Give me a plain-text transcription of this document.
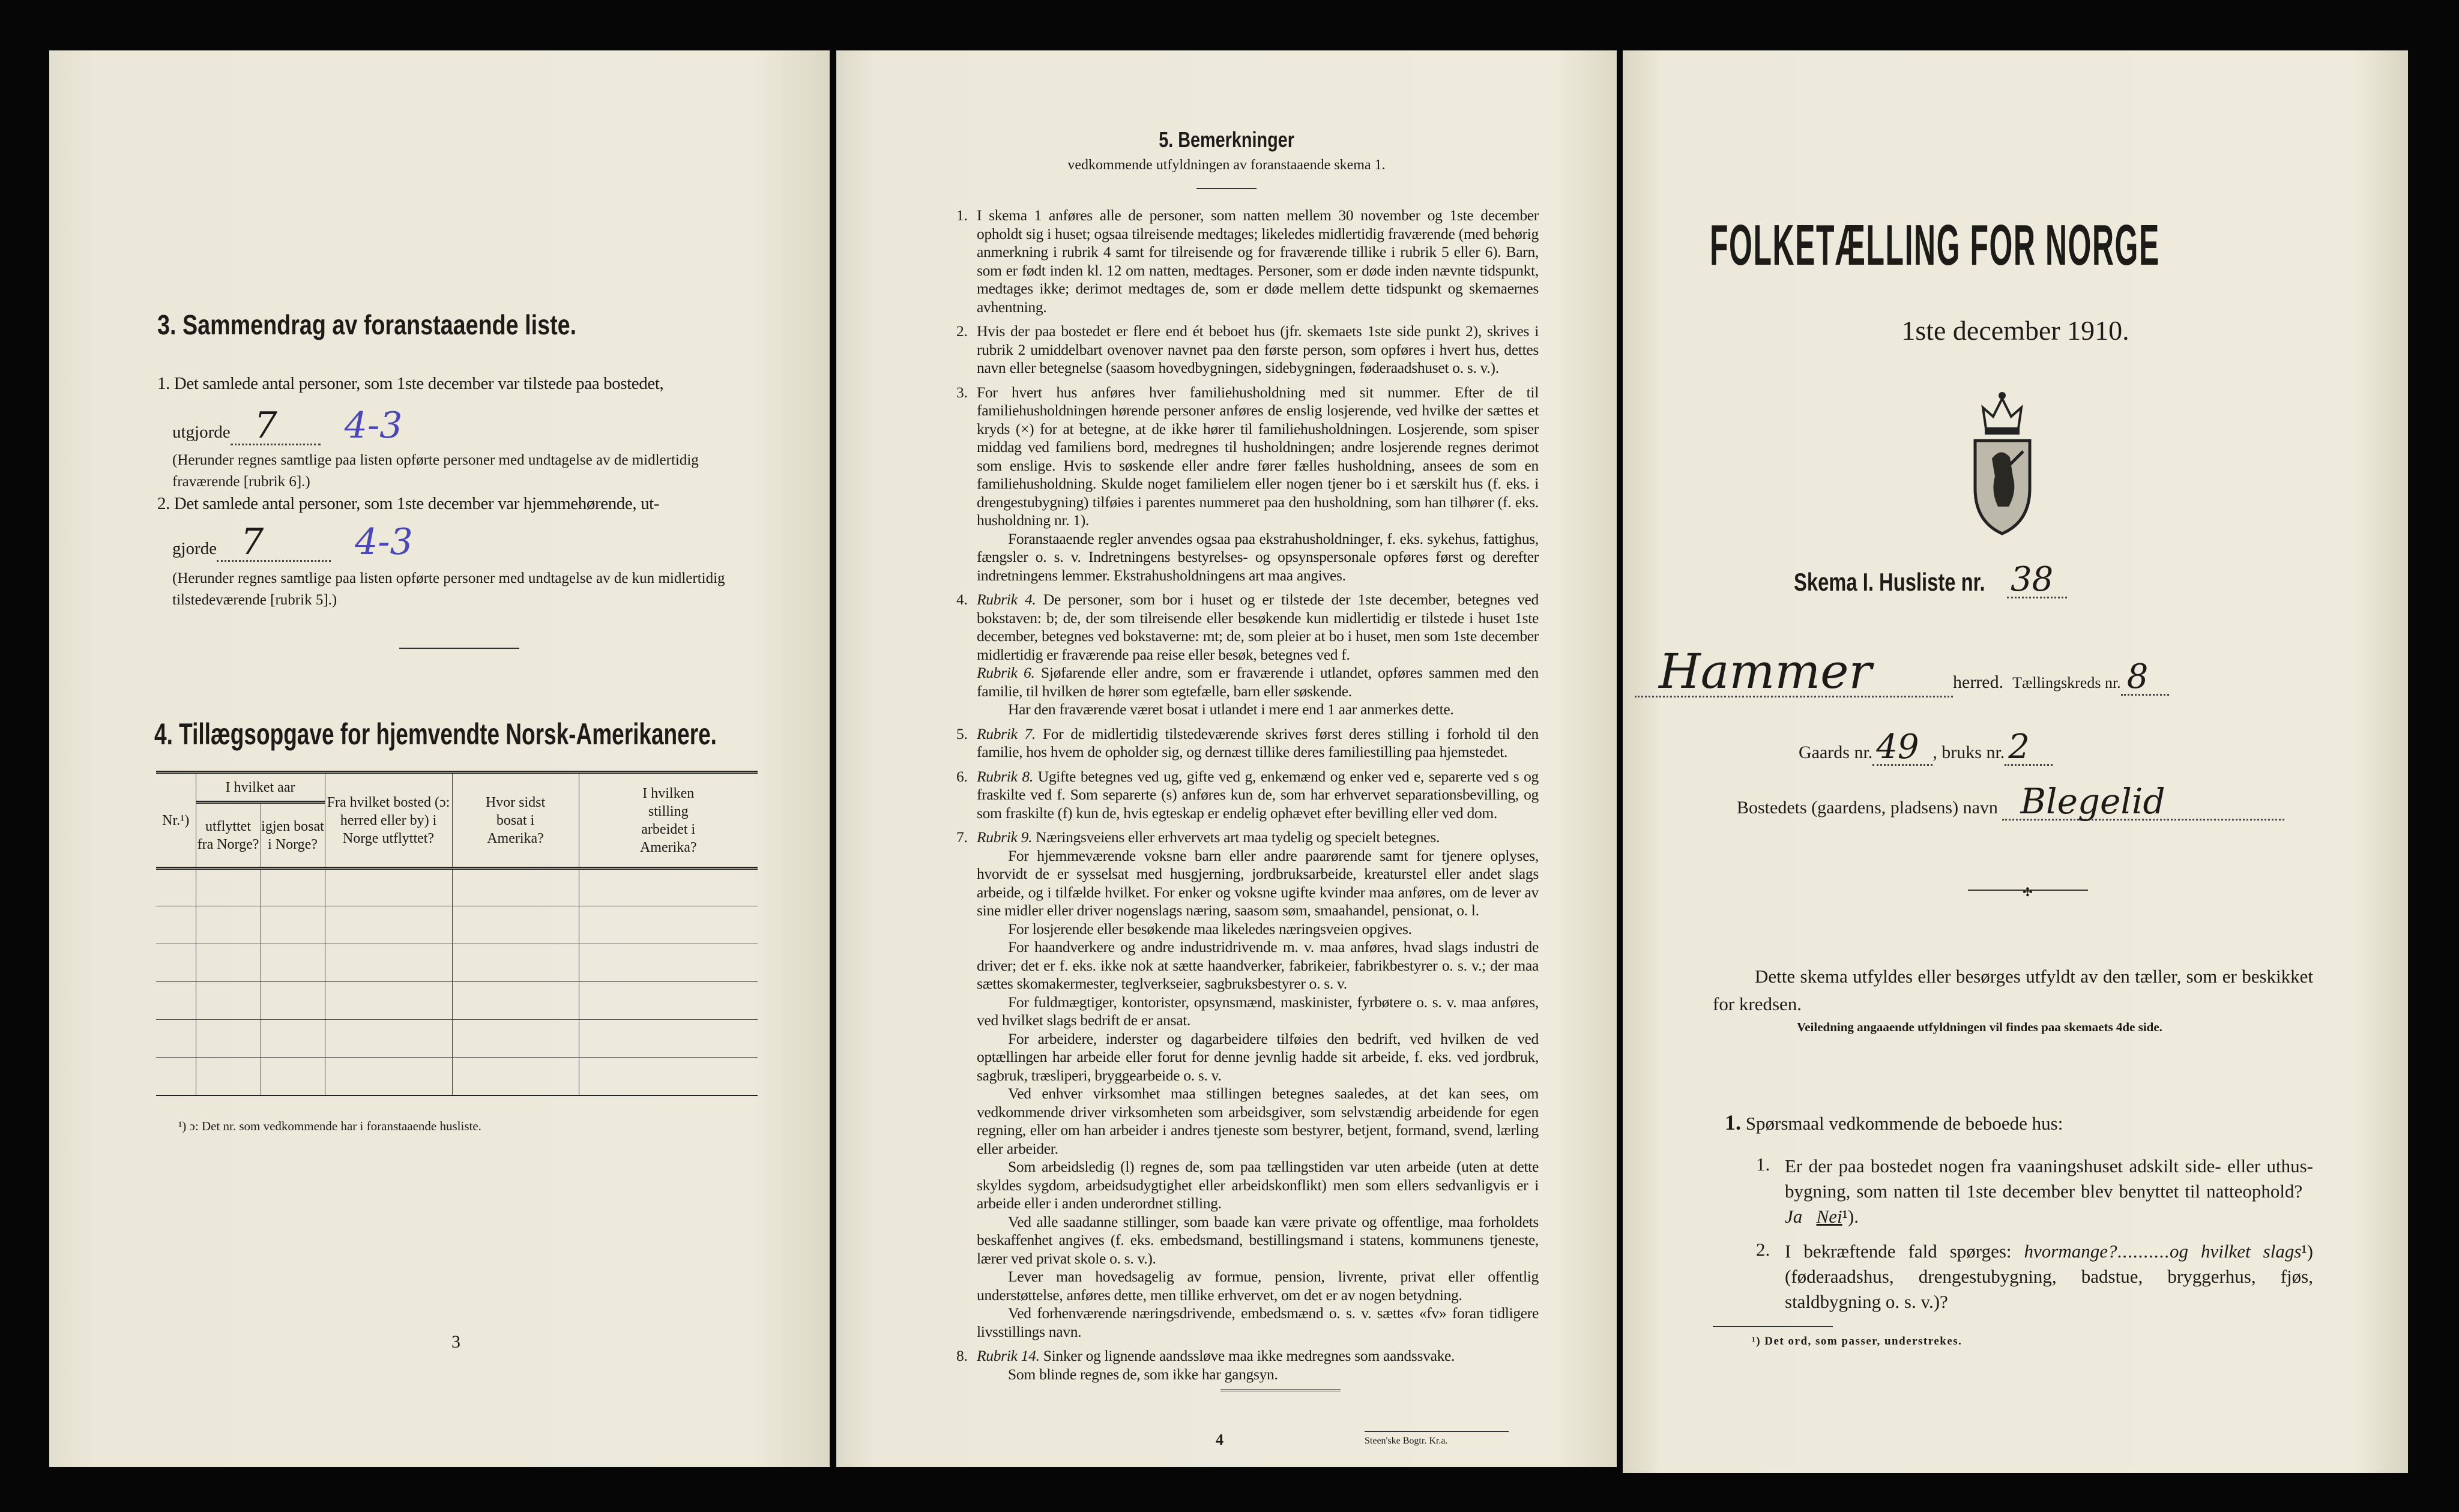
3. Sammendrag av foranstaaende liste.
1. Det samlede antal personer, som 1ste december var tilstede paa bostedet,
utgjorde 7 4-3
(Herunder regnes samtlige paa listen opførte personer med undtagelse av de midlertidig fraværende [rubrik 6].)
2. Det samlede antal personer, som 1ste december var hjemmehørende, ut-
gjorde 7	4-3
(Herunder regnes samtlige paa listen opførte personer med undtagelse av de kun midlertidig tilstedeværende [rubrik 5].)
4. Tillægsopgave for hjemvendte Norsk-Amerikanere.
Nr.¹)	I hvilket aar		Fra hvilket bosted (ɔ: herred eller by) i Norge utflyttet?	Hvor sidst bosat i Amerika?	I hvilken stilling arbeidet i Amerika?
	utflyttet fra Norge?	igjen bosat i Norge?			

¹) ɔ: Det nr. som vedkommende har i foranstaaende husliste.
3
5. Bemerkninger
vedkommende utfyldningen av foranstaaende skema 1.
1. I skema 1 anføres alle de personer, som natten mellem 30 november og 1ste december opholdt sig i huset; ogsaa tilreisende medtages; likeledes midlertidig fraværende (med behørig anmerkning i rubrik 4 samt for tilreisende og for fraværende tillike i rubrik 5 eller 6). Barn, som er født inden kl. 12 om natten, medtages. Personer, som er døde inden nævnte tidspunkt, medtages ikke; derimot medtages de, som er døde mellem dette tidspunkt og skemaernes avhentning.

2. Hvis der paa bostedet er flere end ét beboet hus (jfr. skemaets 1ste side punkt 2), skrives i rubrik 2 umiddelbart ovenover navnet paa den første person, som opføres i hvert hus, dettes navn eller betegnelse (saasom hovedbygningen, sidebygningen, føderaadshuset o. s. v.).

3. For hvert hus anføres hver familiehusholdning med sit nummer. Efter de til familiehusholdningen hørende personer anføres de enslig losjerende, ved hvilke der sættes et kryds (×) for at betegne, at de ikke hører til familiehusholdningen. Losjerende, som spiser middag ved familiens bord, medregnes til husholdningen; andre losjerende regnes derimot som enslige. Hvis to søskende eller andre fører fælles husholdning, ansees de som en familiehusholdning. Skulde noget familielem eller nogen tjener bo i et særskilt hus (f. eks. i drengestubygning) tilføies i parentes nummeret paa den husholdning, som han tilhører (f. eks. husholdning nr. 1).

Foranstaaende regler anvendes ogsaa paa ekstrahusholdninger, f. eks. sykehus, fattighus, fængsler o. s. v. Indretningens bestyrelses- og opsynspersonale opføres først og derefter indretningens lemmer. Ekstrahusholdningens art maa angives.

4. Rubrik 4. De personer, som bor i huset og er tilstede der 1ste december, betegnes ved bokstaven: b; de, der som tilreisende eller besøkende kun midlertidig er tilstede i huset 1ste december, betegnes ved bokstaverne: mt; de, som pleier at bo i huset, men som 1ste december midlertidig er fraværende paa reise eller besøk, betegnes ved f.

Rubrik 6. Sjøfarende eller andre, som er fraværende i utlandet, opføres sammen med den familie, til hvilken de hører som egtefælle, barn eller søskende.

Har den fraværende været bosat i utlandet i mere end 1 aar anmerkes dette.

5. Rubrik 7. For de midlertidig tilstedeværende skrives først deres stilling i forhold til den familie, hos hvem de opholder sig, og dernæst tillike deres familiestilling paa hjemstedet.

6. Rubrik 8. Ugifte betegnes ved ug, gifte ved g, enkemænd og enker ved e, separerte ved s og fraskilte ved f. Som separerte (s) anføres kun de, som har erhvervet separationsbevilling, og som fraskilte (f) kun de, hvis egteskap er endelig ophævet efter bevilling eller ved dom.

7. Rubrik 9. Næringsveiens eller erhvervets art maa tydelig og specielt betegnes.

For hjemmeværende voksne barn eller andre paarørende samt for tjenere oplyses, hvorvidt de er sysselsat med husgjerning, jordbruksarbeide, kreaturstel eller andet slags arbeide, og i tilfælde hvilket. For enker og voksne ugifte kvinder maa anføres, om de lever av sine midler eller driver nogenslags næring, saasom søm, smaahandel, pensionat, o. l.

For losjerende eller besøkende maa likeledes næringsveien opgives.

For haandverkere og andre industridrivende m. v. maa anføres, hvad slags industri de driver; det er f. eks. ikke nok at sætte haandverker, fabrikeier, fabrikbestyrer o. s. v.; der maa sættes skomakermester, teglverkseier, sagbruksbestyrer o. s. v.

For fuldmægtiger, kontorister, opsynsmænd, maskinister, fyrbøtere o. s. v. maa anføres, ved hvilket slags bedrift de er ansat.

For arbeidere, inderster og dagarbeidere tilføies den bedrift, ved hvilken de ved optællingen har arbeide eller forut for denne jevnlig hadde sit arbeide, f. eks. ved jordbruk, sagbruk, træsliperi, bryggearbeide o. s. v.

Ved enhver virksomhet maa stillingen betegnes saaledes, at det kan sees, om vedkommende driver virksomheten som arbeidsgiver, som selvstændig arbeidende for egen regning, eller om han arbeider i andres tjeneste som bestyrer, betjent, formand, svend, lærling eller arbeider.

Som arbeidsledig (l) regnes de, som paa tællingstiden var uten arbeide (uten at dette skyldes sygdom, arbeidsudygtighet eller arbeidskonflikt) men som ellers sedvanligvis er i arbeide eller i anden underordnet stilling.

Ved alle saadanne stillinger, som baade kan være private og offentlige, maa forholdets beskaffenhet angives (f. eks. embedsmand, bestillingsmand i statens, kommunens tjeneste, lærer ved privat skole o. s. v.).

Lever man hovedsagelig av formue, pension, livrente, privat eller offentlig understøttelse, anføres dette, men tillike erhvervet, om det er av nogen betydning.

Ved forhenværende næringsdrivende, embedsmænd o. s. v. sættes «fv» foran tidligere livsstillings navn.

8. Rubrik 14. Sinker og lignende aandssløve maa ikke medregnes som aandssvake.

Som blinde regnes de, som ikke har gangsyn.

4	Steen'ske Bogtr. Kr.a.
FOLKETÆLLING FOR NORGE
1ste december 1910.
Skema I. Husliste nr. 38
Hammer	herred. Tællingskreds nr. 8
Gaards nr. 49 , bruks nr. 2
Bostedets (gaardens, pladsens) navn Blegelid
✣
Dette skema utfyldes eller besørges utfyldt av den tæller, som er beskikket for kredsen.
Veiledning angaaende utfyldningen vil findes paa skemaets 4de side.
1. Spørsmaal vedkommende de beboede hus:
1. Er der paa bostedet nogen fra vaaningshuset adskilt side- eller uthus-bygning, som natten til 1ste december blev benyttet til natteophold?   Ja Nei¹).
2. I bekræftende fald spørges: hvormange?..........og hvilket slags¹) (føderaadshus, drengestubygning, badstue, bryggerhus, fjøs, staldbygning o. s. v.)?
¹) Det ord, som passer, understrekes.
